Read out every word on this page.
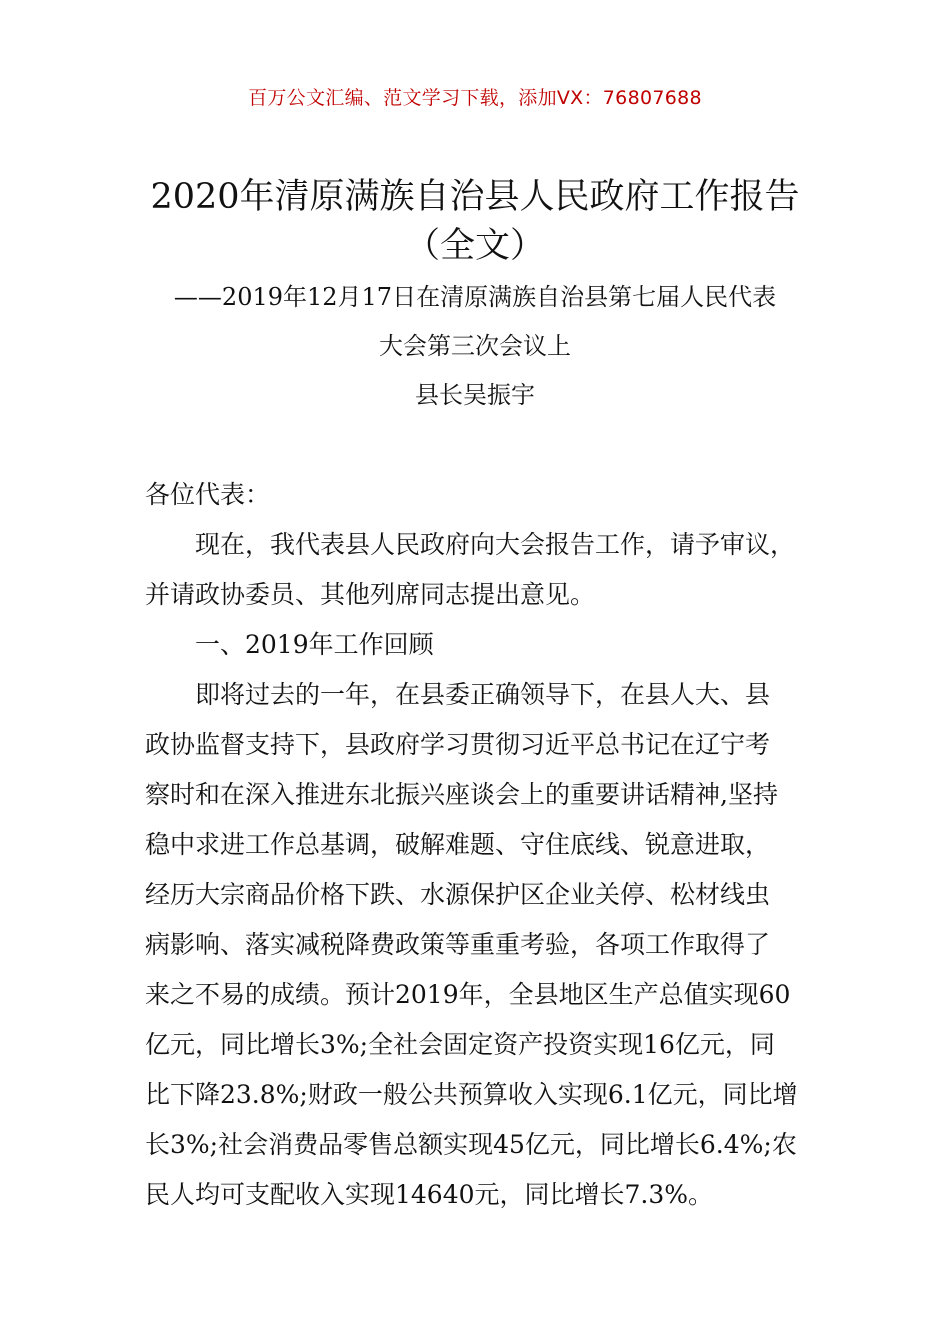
百万公文汇编、范文学习下载，添加VX：76807688
2020年清原满族自治县人民政府工作报告
（全文）
——2019年12月17日在清原满族自治县第七届人民代表
大会第三次会议上
县长吴振宇
各位代表：
现在，我代表县人民政府向大会报告工作，请予审议，
并请政协委员、其他列席同志提出意见。
一、2019年工作回顾
即将过去的一年，在县委正确领导下，在县人大、县
政协监督支持下，县政府学习贯彻习近平总书记在辽宁考
察时和在深入推进东北振兴座谈会上的重要讲话精神,坚持
稳中求进工作总基调，破解难题、守住底线、锐意进取，
经历大宗商品价格下跌、水源保护区企业关停、松材线虫
病影响、落实减税降费政策等重重考验，各项工作取得了
来之不易的成绩。预计2019年，全县地区生产总值实现60
亿元，同比增长3%;全社会固定资产投资实现16亿元，同
比下降23.8%;财政一般公共预算收入实现6.1亿元，同比增
长3%;社会消费品零售总额实现45亿元，同比增长6.4%;农
民人均可支配收入实现14640元，同比增长7.3%。
